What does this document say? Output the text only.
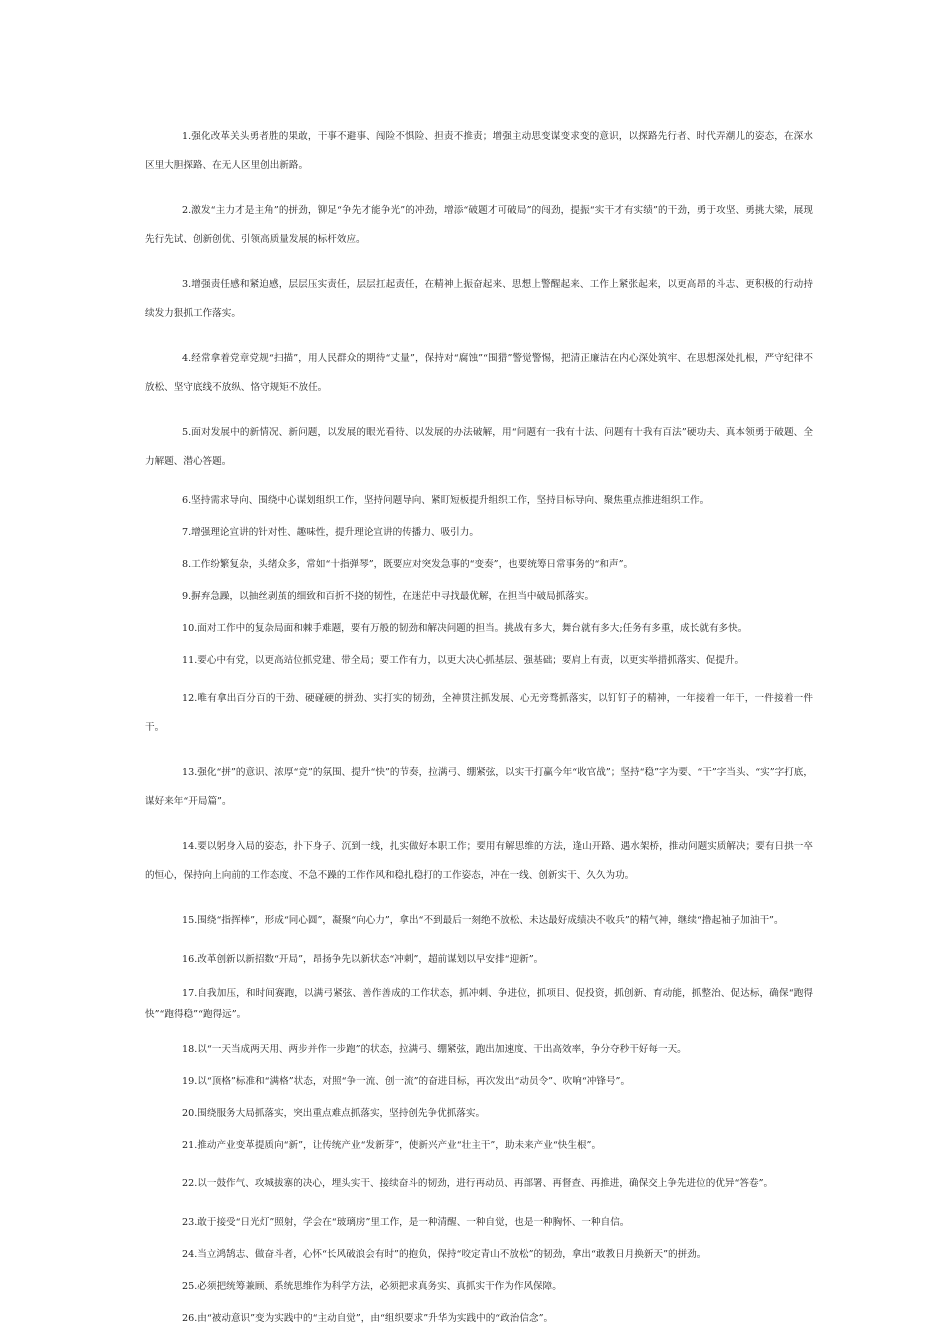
1.强化改革关头勇者胜的果敢，干事不避事、闯险不惧险、担责不推责；增强主动思变谋变求变的意识，以探路先行者、时代弄潮儿的姿态，在深水区里大胆探路、在无人区里创出新路。

2.激发“主力才是主角”的拼劲，铆足“争先才能争光”的冲劲，增添“破题才可破局”的闯劲，提振“实干才有实绩”的干劲，勇于攻坚、勇挑大梁，展现先行先试、创新创优、引领高质量发展的标杆效应。

3.增强责任感和紧迫感，层层压实责任，层层扛起责任，在精神上振奋起来、思想上警醒起来、工作上紧张起来，以更高昂的斗志、更积极的行动持续发力狠抓工作落实。

4.经常拿着党章党规“扫描”，用人民群众的期待“丈量”，保持对“腐蚀”“围猎”警觉警惕，把清正廉洁在内心深处筑牢、在思想深处扎根，严守纪律不放松、坚守底线不放纵、恪守规矩不放任。

5.面对发展中的新情况、新问题，以发展的眼光看待、以发展的办法破解，用“问题有一我有十法、问题有十我有百法”硬功夫、真本领勇于破题、全力解题、潜心答题。

6.坚持需求导向、围绕中心谋划组织工作，坚持问题导向、紧盯短板提升组织工作，坚持目标导向、聚焦重点推进组织工作。

7.增强理论宣讲的针对性、趣味性，提升理论宣讲的传播力、吸引力。

8.工作纷繁复杂，头绪众多，常如“十指弹琴”，既要应对突发急事的“变奏”，也要统筹日常事务的“和声”。

9.摒弃急躁，以抽丝剥茧的细致和百折不挠的韧性，在迷茫中寻找最优解，在担当中破局抓落实。

10.面对工作中的复杂局面和棘手难题，要有万般的韧劲和解决问题的担当。挑战有多大，舞台就有多大;任务有多重，成长就有多快。

11.要心中有党，以更高站位抓党建、带全局；要工作有力，以更大决心抓基层、强基础；要肩上有责，以更实举措抓落实、促提升。

12.唯有拿出百分百的干劲、硬碰硬的拼劲、实打实的韧劲，全神贯注抓发展、心无旁骛抓落实，以钉钉子的精神，一年接着一年干，一件接着一件干。

13.强化“拼”的意识、浓厚“竞”的氛围、提升“快”的节奏，拉满弓、绷紧弦，以实干打赢今年“收官战”；坚持“稳”字为要、“干”字当头、“实”字打底，谋好来年“开局篇”。

14.要以躬身入局的姿态，扑下身子、沉到一线，扎实做好本职工作；要用有解思维的方法，逢山开路、遇水架桥，推动问题实质解决；要有日拱一卒的恒心，保持向上向前的工作态度、不急不躁的工作作风和稳扎稳打的工作姿态，冲在一线、创新实干、久久为功。

15.围绕“指挥棒”，形成“同心圆”，凝聚“向心力”，拿出“不到最后一刻绝不放松、未达最好成绩决不收兵”的精气神，继续“撸起袖子加油干”。

16.改革创新以新招数“开局”，昂扬争先以新状态“冲刺”，超前谋划以早安排“迎新”。

17.自我加压，和时间赛跑，以满弓紧弦、善作善成的工作状态，抓冲刺、争进位，抓项目、促投资，抓创新、育动能，抓整治、促达标，确保“跑得快”“跑得稳”“跑得远”。

18.以“一天当成两天用、两步并作一步跑”的状态，拉满弓、绷紧弦，跑出加速度、干出高效率，争分夺秒干好每一天。

19.以“顶格”标准和“满格”状态，对照“争一流、创一流”的奋进目标，再次发出“动员令”、吹响“冲锋号”。

20.围绕服务大局抓落实，突出重点难点抓落实，坚持创先争优抓落实。

21.推动产业变革提质向“新”，让传统产业“发新芽”，使新兴产业“壮主干”，助未来产业“快生根”。

22.以一鼓作气、攻城拔寨的决心，埋头实干、接续奋斗的韧劲，进行再动员、再部署、再督查、再推进，确保交上争先进位的优异“答卷”。

23.敢于接受“日光灯”照射，学会在“玻璃房”里工作，是一种清醒、一种自觉，也是一种胸怀、一种自信。

24.当立鸿鹄志、做奋斗者，心怀“长风破浪会有时”的抱负，保持“咬定青山不放松”的韧劲，拿出“敢教日月换新天”的拼劲。

25.必须把统筹兼顾、系统思维作为科学方法，必须把求真务实、真抓实干作为作风保障。

26.由“被动意识”变为实践中的“主动自觉”，由“组织要求”升华为实践中的“政治信念”。
